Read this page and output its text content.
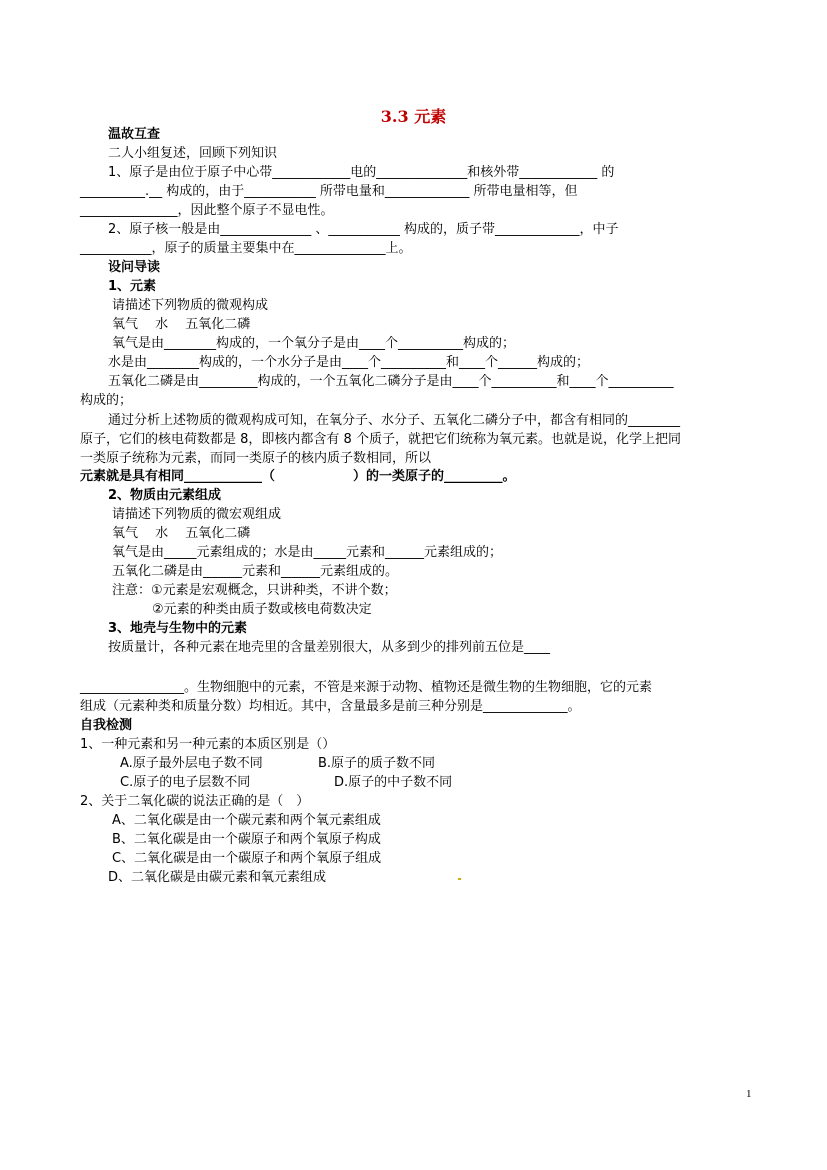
3.3 元素
温故互查
二人小组复述，回顾下列知识
1、原子是由位于原子中心带____________电的______________和核外带____________ 的
__________.__ 构成的，由于___________ 所带电量和_____________ 所带电量相等，但
_______________，因此整个原子不显电性。
2、原子核一般是由______________ 、___________ 构成的，质子带_____________，中子
___________，原子的质量主要集中在______________上。
设问导读
1、元素
请描述下列物质的微观构成
氧气　 水　 五氧化二磷
氧气是由________构成的，一个氧分子是由____个__________构成的；
水是由________构成的，一个水分子是由____个__________和____个______构成的；
五氧化二磷是由_________构成的，一个五氧化二磷分子是由____个__________和____个__________
构成的；
通过分析上述物质的微观构成可知，在氧分子、水分子、五氧化二磷分子中，都含有相同的________
原子，它们的核电荷数都是 8，即核内都含有 8 个质子，就把它们统称为氧元素。也就是说，化学上把同
一类原子统称为元素，而同一类原子的核内质子数相同，所以
元素就是具有相同____________（　　　　　　）的一类原子的_________。
2、物质由元素组成
请描述下列物质的微宏观组成
氧气　 水　 五氧化二磷
氧气是由_____元素组成的；水是由_____元素和______元素组成的；
五氧化二磷是由______元素和______元素组成的。
注意：①元素是宏观概念，只讲种类，不讲个数；
②元素的种类由质子数或核电荷数决定
3、地壳与生物中的元素
按质量计，各种元素在地壳里的含量差别很大，从多到少的排列前五位是____
________________。生物细胞中的元素，不管是来源于动物、植物还是微生物的生物细胞，它的元素
组成（元素种类和质量分数）均相近。其中，含量最多是前三种分别是_____________。
自我检测
1、一种元素和另一种元素的本质区别是（）
A.原子最外层电子数不同	B.原子的质子数不同
C.原子的电子层数不同	D.原子的中子数不同
2、关于二氧化碳的说法正确的是（　）
A、二氧化碳是由一个碳元素和两个氧元素组成
B、二氧化碳是由一个碳原子和两个氧原子构成
C、二氧化碳是由一个碳原子和两个氧原子组成
D、二氧化碳是由碳元素和氧元素组成
1
